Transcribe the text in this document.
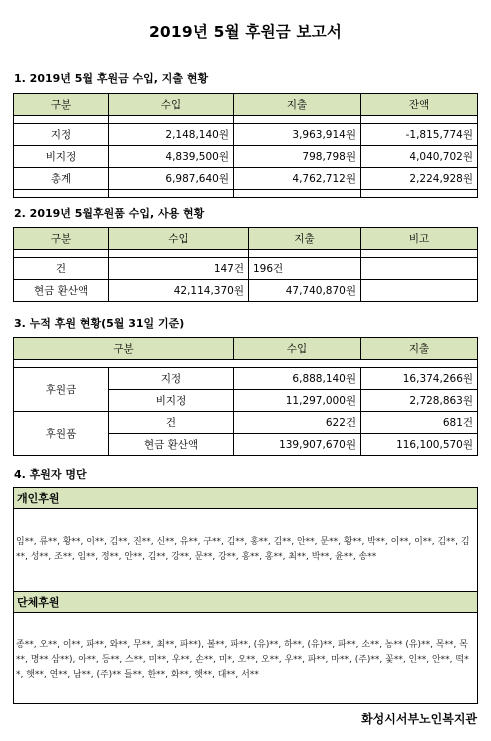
2019년 5월 후원금 보고서
1. 2019년 5월 후원금 수입, 지출 현황
구분	수입	지출	잔액

지정	2,148,140원	3,963,914원	-1,815,774원
비지정	4,839,500원	798,798원	4,040,702원
총계	6,987,640원	4,762,712원	2,224,928원

2. 2019년 5월후원품 수입, 사용 현황
구분	수입	지출	비고

건	147건	196건	
현금 환산액	42,114,370원	47,740,870원	
3. 누적 후원 현황(5월 31일 기준)
구분		수입	지출

후원금	지정	6,888,140원	16,374,266원
	비지정	11,297,000원	2,728,863원
후원품	건	622건	681건
	현금 환산액	139,907,670원	116,100,570원
4. 후원자 명단
개인후원
임**, 류**, 황**, 이**, 김**, 진**, 신**, 유**, 구**, 김**, 홍**, 김**, 안**, 문**, 황**, 박**, 이**, 이**, 김**, 김**, 성**, 조**, 임**, 정**, 안**, 김**, 강**, 문**, 강**, 홍**, 홍**, 최**, 박**, 윤**, 송**
단체후원
종**, 오**, 이**, 파**, 와**, 무**, 최**, 파**), 볼**, 파**, (유)**, 하**, (유)**, 파**, 소**, 농** (유)**, 목**, 목**, 명** 삼**), 아**, 등**, 스**, 미**, 우**, 손**, 미*, 오**, 오**, 우**, 파**, 마**, (주)**, 꽃**, 인**, 안**, 떡**, 햇**, 연**, 남**, (주)** 들**, 한**, 화**, 햇**, 대**, 서**
화성시서부노인복지관
